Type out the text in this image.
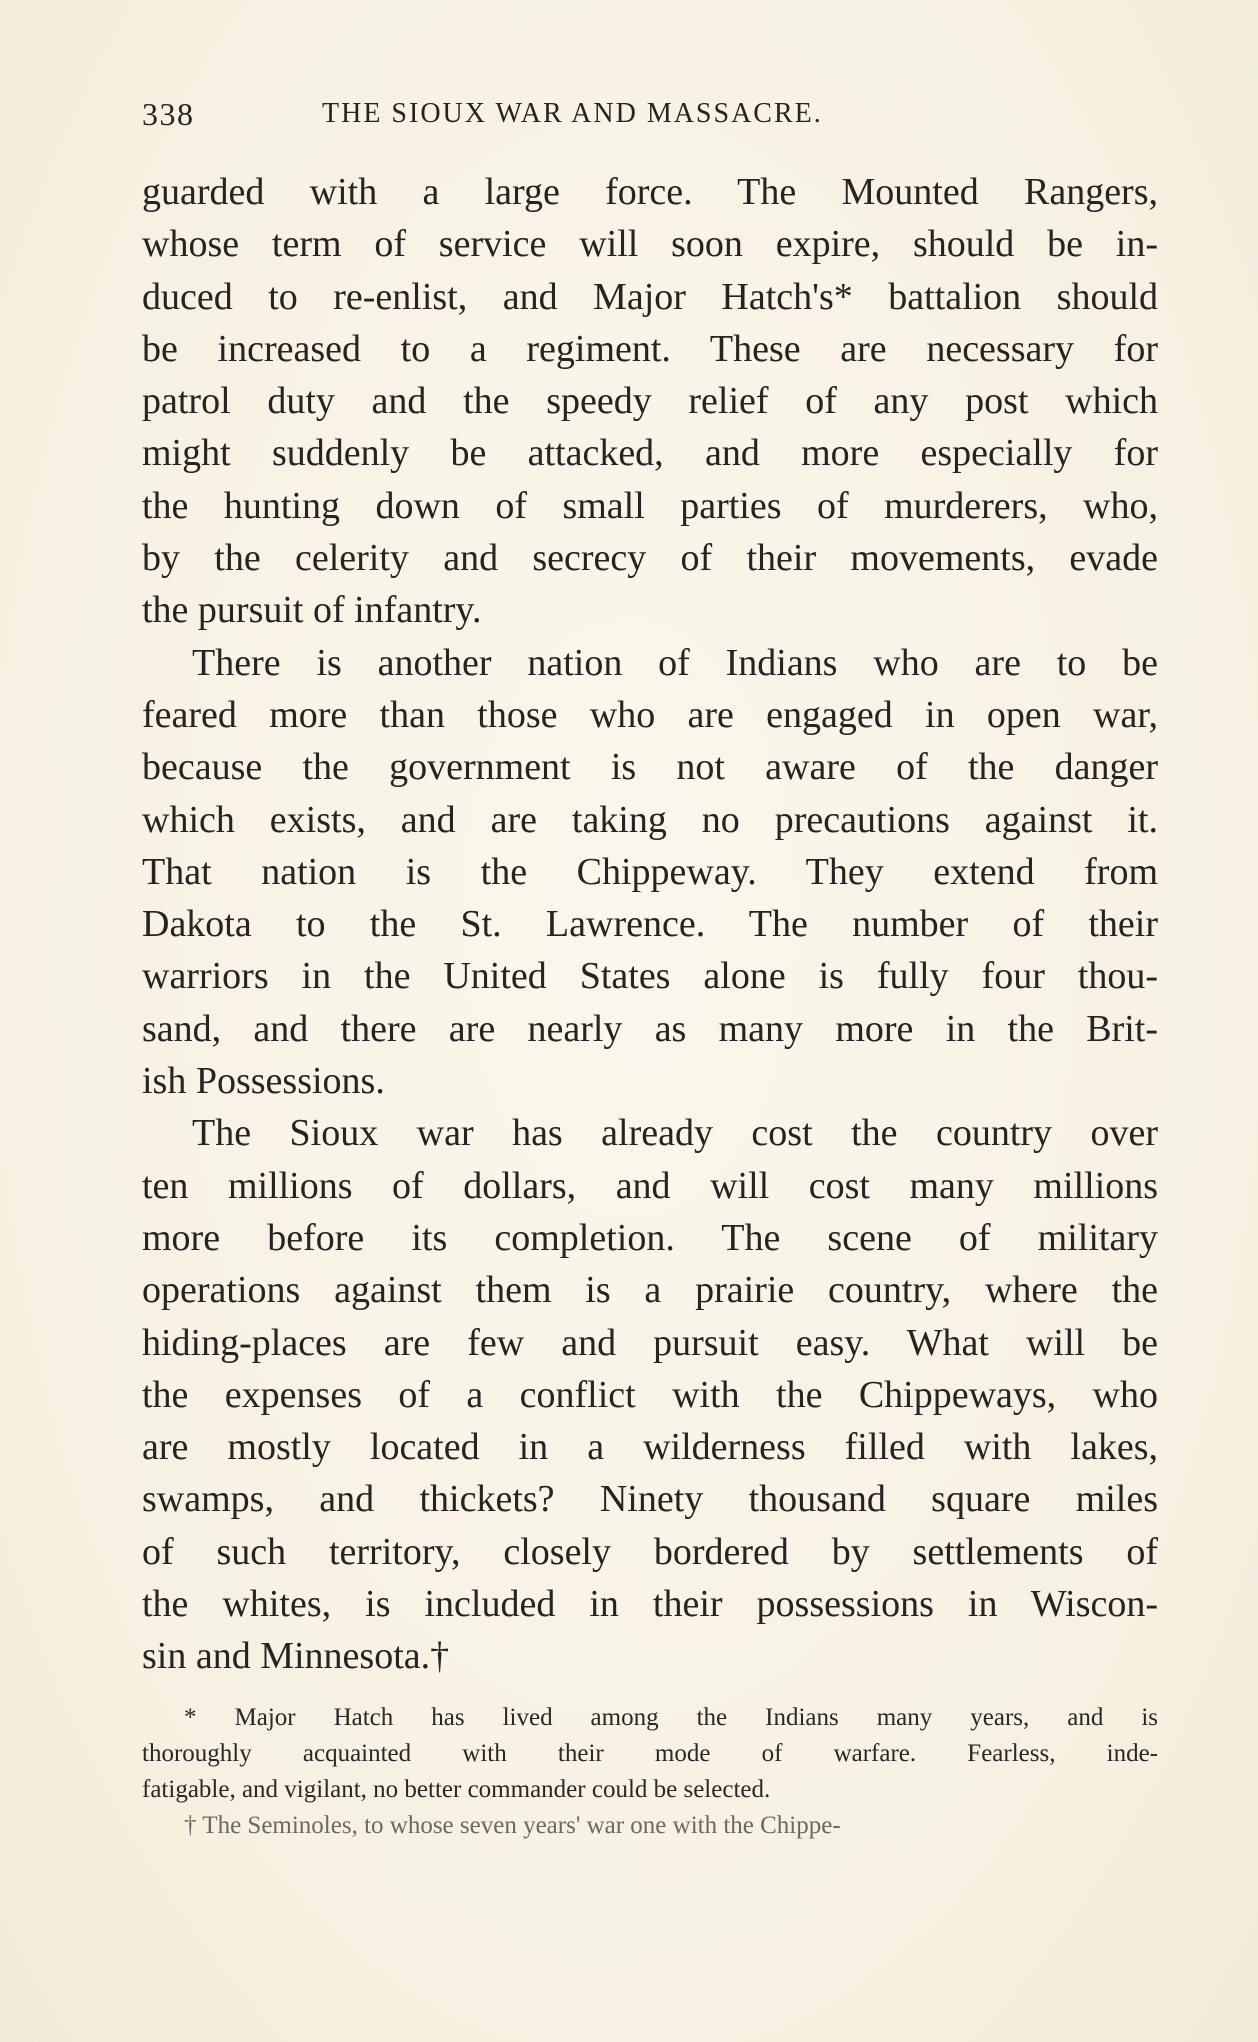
338	THE SIOUX WAR AND MASSACRE.
guarded with a large force. The Mounted Rangers,
whose term of service will soon expire, should be in-
duced to re-enlist, and Major Hatch's* battalion should
be increased to a regiment. These are necessary for
patrol duty and the speedy relief of any post which
might suddenly be attacked, and more especially for
the hunting down of small parties of murderers, who,
by the celerity and secrecy of their movements, evade
the pursuit of infantry.
There is another nation of Indians who are to be
feared more than those who are engaged in open war,
because the government is not aware of the danger
which exists, and are taking no precautions against it.
That nation is the Chippeway. They extend from
Dakota to the St. Lawrence. The number of their
warriors in the United States alone is fully four thou-
sand, and there are nearly as many more in the Brit-
ish Possessions.
The Sioux war has already cost the country over
ten millions of dollars, and will cost many millions
more before its completion. The scene of military
operations against them is a prairie country, where the
hiding-places are few and pursuit easy. What will be
the expenses of a conflict with the Chippeways, who
are mostly located in a wilderness filled with lakes,
swamps, and thickets? Ninety thousand square miles
of such territory, closely bordered by settlements of
the whites, is included in their possessions in Wiscon-
sin and Minnesota.†
* Major Hatch has lived among the Indians many years, and is
thoroughly acquainted with their mode of warfare. Fearless, inde-
fatigable, and vigilant, no better commander could be selected.
† The Seminoles, to whose seven years' war one with the Chippe-
